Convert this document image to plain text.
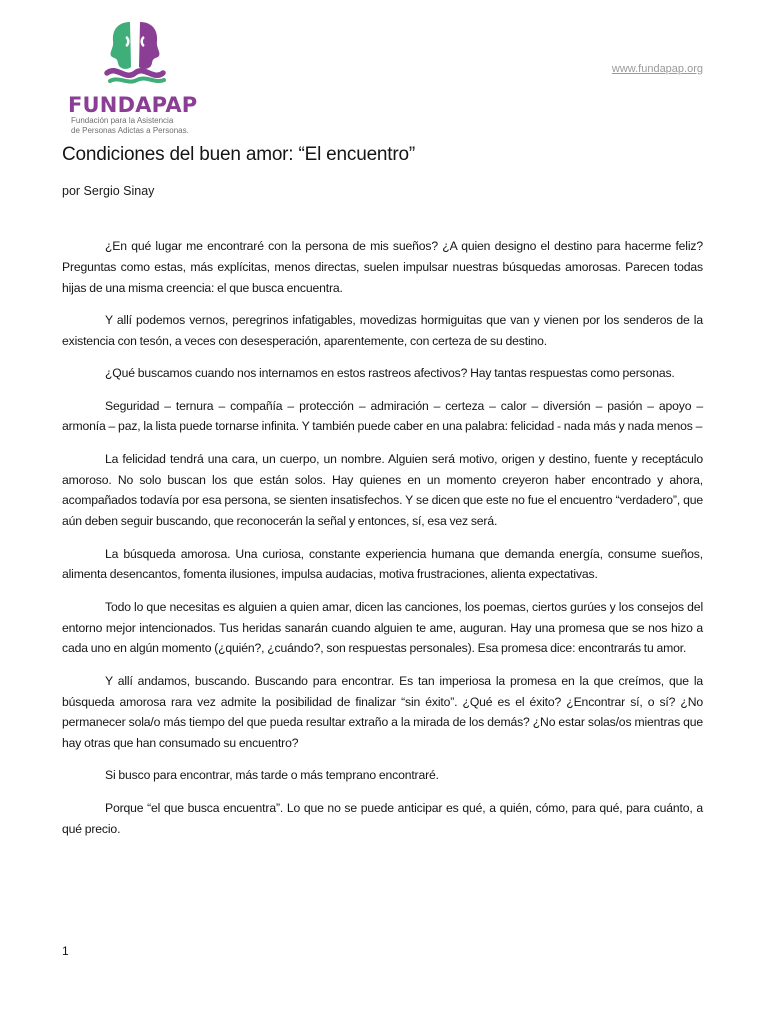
FUNDAPAP

Fundación para la Asistencia
de Personas Adictas a Personas.

www.fundapap.org
Condiciones del buen amor: “El encuentro”

por Sergio Sinay

¿En qué lugar me encontraré con la persona de mis sueños? ¿A quien designo el destino para hacerme feliz? Preguntas como estas, más explícitas, menos directas, suelen impulsar nuestras búsquedas amorosas. Parecen todas hijas de una misma creencia: el que busca encuentra.

Y allí podemos vernos, peregrinos infatigables, movedizas hormiguitas que van y vienen por los senderos de la existencia con tesón, a veces con desesperación, aparentemente, con certeza de su destino.

¿Qué buscamos cuando nos internamos en estos rastreos afectivos? Hay tantas respuestas como personas.

Seguridad – ternura – compañía – protección – admiración – certeza – calor – diversión – pasión – apoyo – armonía – paz, la lista puede tornarse infinita. Y también puede caber en una palabra: felicidad - nada más y nada menos –

La felicidad tendrá una cara, un cuerpo, un nombre. Alguien será motivo, origen y destino, fuente y receptáculo amoroso. No solo buscan los que están solos. Hay quienes en un momento creyeron haber encontrado y ahora, acompañados todavía por esa persona, se sienten insatisfechos. Y se dicen que este no fue el encuentro “verdadero”, que aún deben seguir buscando, que reconocerán la señal y entonces, sí, esa vez será.

La búsqueda amorosa. Una curiosa, constante experiencia humana que demanda energía, consume sueños, alimenta desencantos, fomenta ilusiones, impulsa audacias, motiva frustraciones, alienta expectativas.

Todo lo que necesitas es alguien a quien amar, dicen las canciones, los poemas, ciertos gurúes y los consejos del entorno mejor intencionados. Tus heridas sanarán cuando alguien te ame, auguran. Hay una promesa que se nos hizo a cada uno en algún momento (¿quién?, ¿cuándo?, son respuestas personales). Esa promesa dice: encontrarás tu amor.

Y allí andamos, buscando. Buscando para encontrar. Es tan imperiosa la promesa en la que creímos, que la búsqueda amorosa rara vez admite la posibilidad de finalizar “sin éxito”. ¿Qué es el éxito? ¿Encontrar sí, o sí? ¿No permanecer sola/o más tiempo del que pueda resultar extraño a la mirada de los demás? ¿No estar solas/os mientras que hay otras que han consumado su encuentro?

Si busco para encontrar, más tarde o más temprano encontraré.

Porque “el que busca encuentra”. Lo que no se puede anticipar es qué, a quién, cómo, para qué, para cuánto, a qué precio.

1
